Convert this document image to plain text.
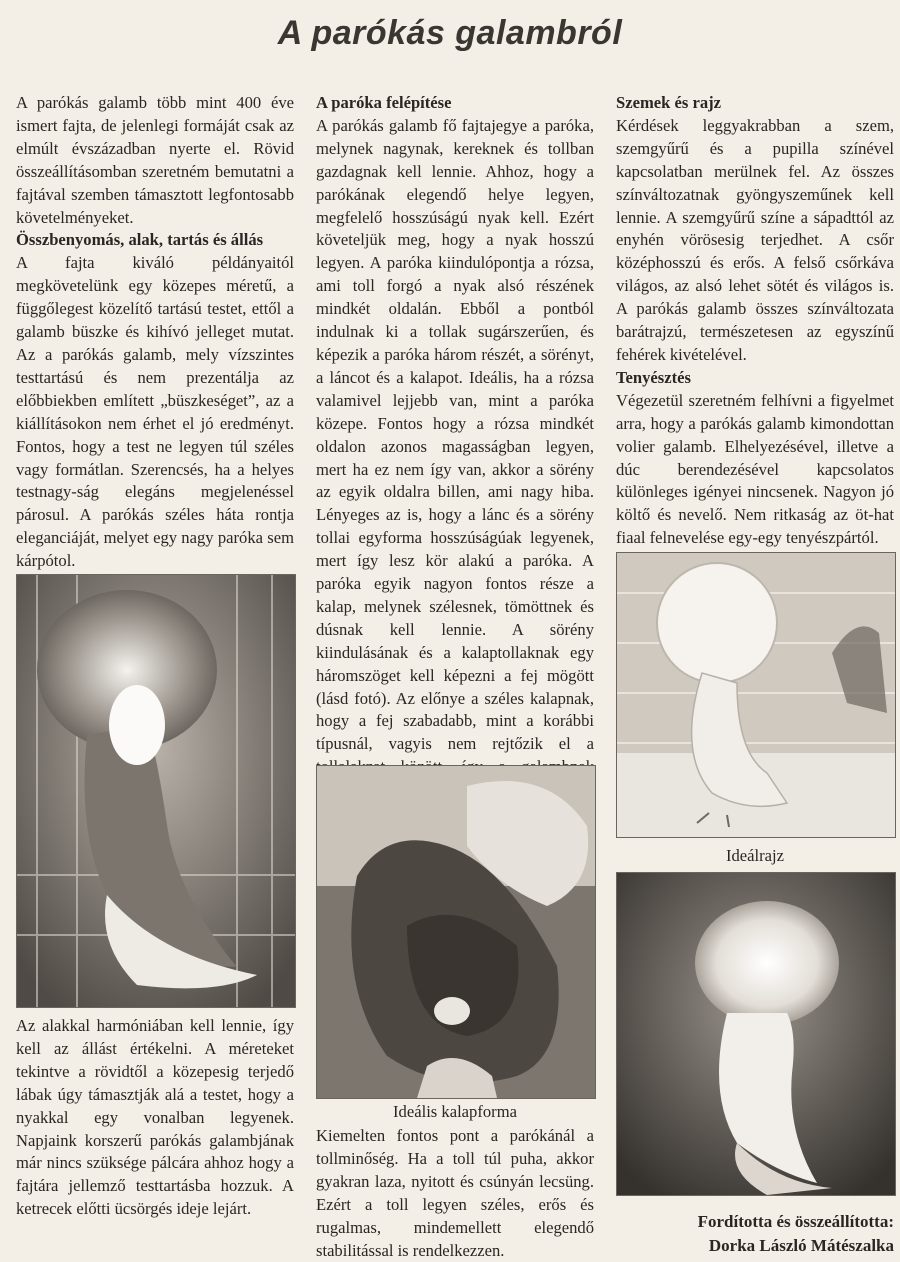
A parókás galambról

A parókás galamb több mint 400 éve ismert fajta, de jelenlegi formáját csak az elmúlt évszázadban nyerte el. Rövid összeállításomban szeretném bemutatni a fajtával szemben támasztott legfontosabb követelményeket.

Összbenyomás, alak, tartás és állás

A fajta kiváló példányaitól megkövetelünk egy közepes méretű, a függőlegest közelítő tartású testet, ettől a galamb büszke és kihívó jelleget mutat. Az a parókás galamb, mely vízszintes testtartású és nem prezentálja az előbbiekben említett „büszkeséget”, az a kiállításokon nem érhet el jó eredményt. Fontos, hogy a test ne legyen túl széles vagy formátlan. Szerencsés, ha a helyes testnagy-ság elegáns megjelenéssel párosul. A parókás széles háta rontja eleganciáját, melyet egy nagy paróka sem kárpótol.

Az alakkal harmóniában kell lennie, így kell az állást értékelni. A méreteket tekintve a rövidtől a közepesig terjedő lábak úgy támasztják alá a testet, hogy a nyakkal egy vonalban legyenek. Napjaink korszerű parókás galambjának már nincs szüksége pálcára ahhoz hogy a fajtára jellemző testtartásba hozzuk. A ketrecek előtti ücsörgés ideje lejárt.

A paróka felépítése

A parókás galamb fő fajtajegye a paróka, melynek nagynak, kereknek és tollban gazdagnak kell lennie. Ahhoz, hogy a parókának elegendő helye legyen, megfelelő hosszúságú nyak kell. Ezért követeljük meg, hogy a nyak hosszú legyen. A paróka kiindulópontja a rózsa, ami toll forgó a nyak alsó részének mindkét oldalán. Ebből a pontból indulnak ki a tollak sugárszerűen, és képezik a paróka három részét, a sörényt, a láncot és a kalapot. Ideális, ha a rózsa valamivel lejjebb van, mint a paróka közepe. Fontos hogy a rózsa mindkét oldalon azonos magasságban legyen, mert ha ez nem így van, akkor a sörény az egyik oldalra billen, ami nagy hiba. Lényeges az is, hogy a lánc és a sörény tollai egyforma hosszúságúak legyenek, mert így lesz kör alakú a paróka. A paróka egyik nagyon fontos része a kalap, melynek szélesnek, tömöttnek és dúsnak kell lennie. A sörény kiindulásának és a kalaptollaknak egy háromszöget kell képezni a fej mögött (lásd fotó). Az előnye a széles kalapnak, hogy a fej szabadabb, mint a korábbi típusnál, vagyis nem rejtőzik el a

Ideális kalapforma

Kiemelten fontos pont a parókánál a tollminőség. Ha a toll túl puha, akkor gyakran laza, nyitott és csúnyán lecsüng. Ezért a toll legyen széles, erős és rugalmas, mindemellett elegendő stabilitással is rendelkezzen.

Szemek és rajz

Kérdések leggyakrabban a szem, szemgyűrű és a pupilla színével kapcsolatban merülnek fel. Az összes színváltozatnak gyöngyszeműnek kell lennie. A szemgyűrű színe a sápadttól az enyhén vörösesig terjedhet. A csőr középhosszú és erős. A felső csőrkáva világos, az alsó lehet sötét és világos is. A parókás galamb összes színváltozata barátrajzú, természetesen az egyszínű fehérek kivételével.

Tenyésztés

Végezetül szeretném felhívni a figyelmet arra, hogy a parókás galamb kimondottan volier galamb. Elhelyezésével, illetve a dúc berendezésével kapcsolatos különleges igényei nincsenek. Nagyon jó költő és nevelő. Nem ritkaság az öt-hat fiaal felnevelése egy-egy tenyészpártól.

Ideálrajz
Fordította és összeállította:
Dorka László Mátészalka
